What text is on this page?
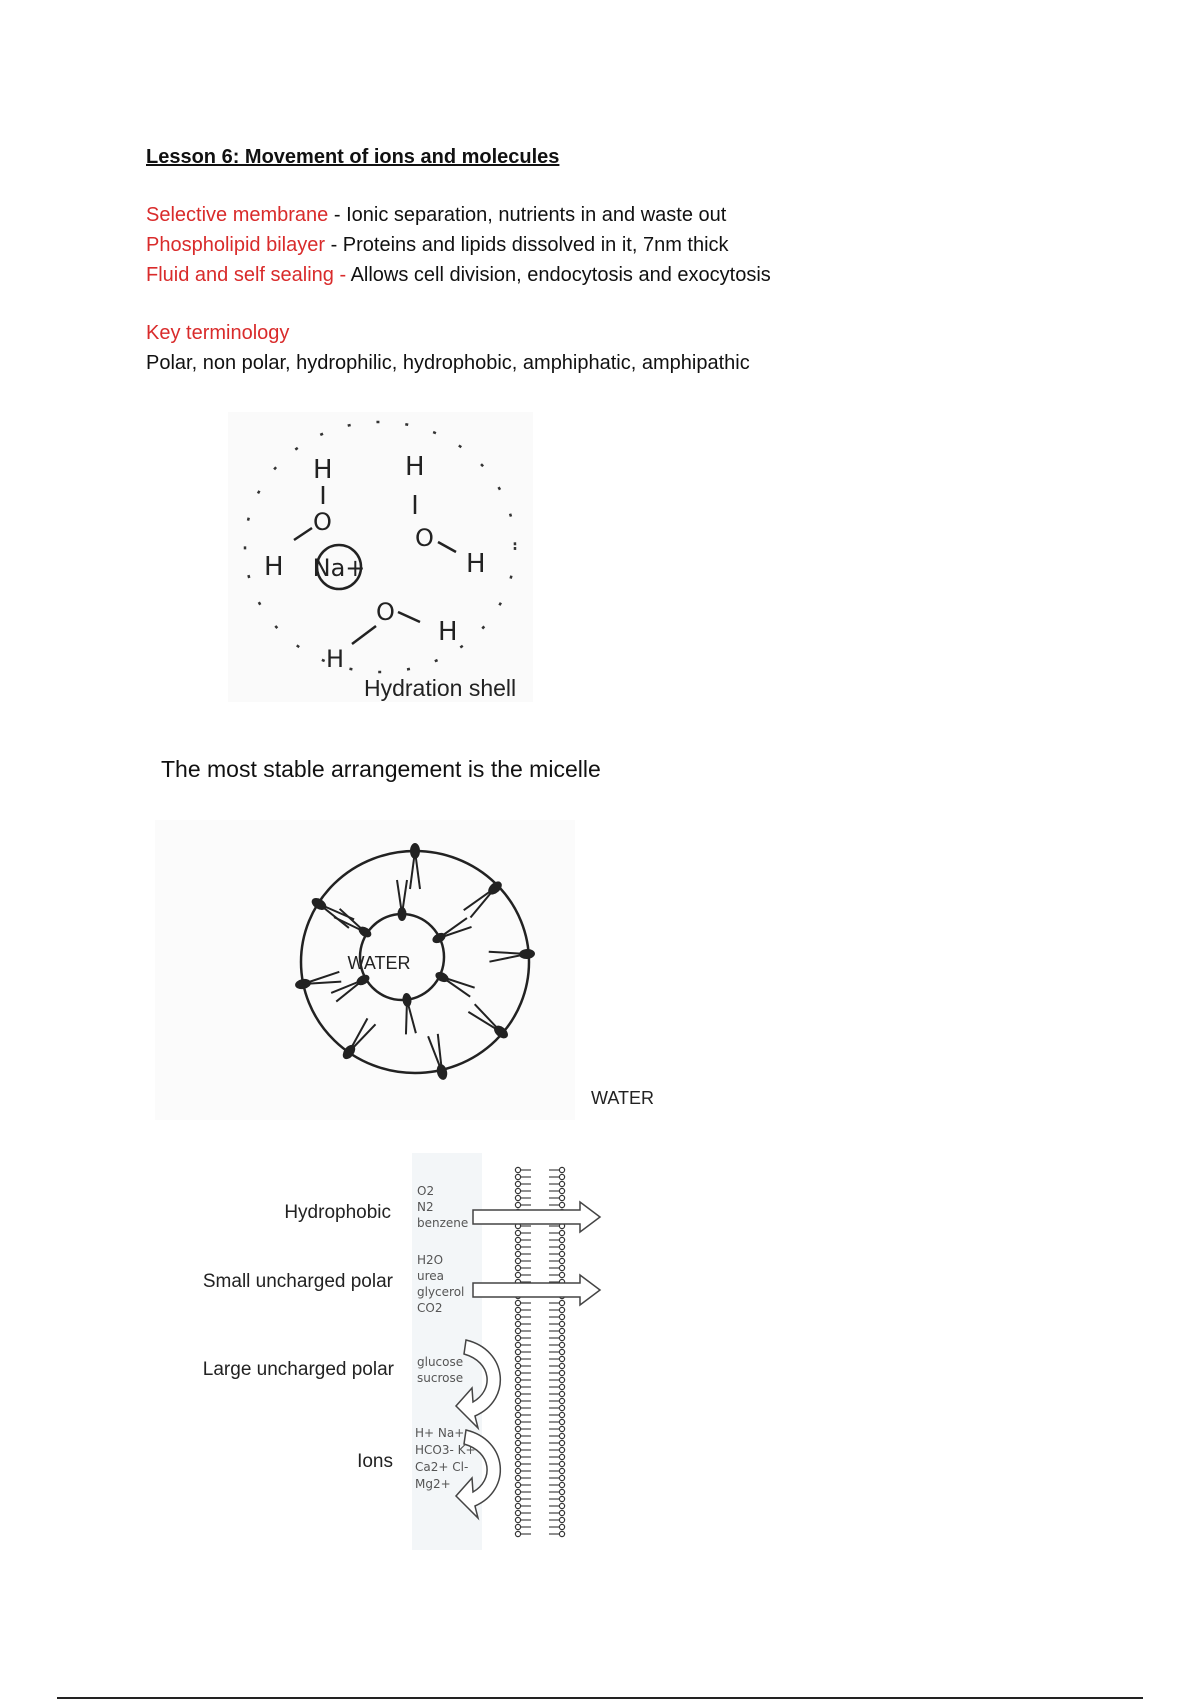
Lesson 6: Movement of ions and molecules
Selective membrane - Ionic separation, nutrients in and waste out
Phospholipid bilayer - Proteins and lipids dissolved in it, 7nm thick
Fluid and self sealing - Allows cell division, endocytosis and exocytosis
Key terminology
Polar, non polar, hydrophilic, hydrophobic, amphiphatic, amphipathic
Na+
H
O
H
H
O
H
O
H
H
Hydration shell
The most stable arrangement is the micelle
WATER
WATER
Hydrophobic
Small uncharged polar
Large uncharged polar
Ions
O2
N2
benzene
H2O
urea
glycerol
CO2
glucose
sucrose
H+ Na+
HCO3- K+
Ca2+ Cl-
Mg2+
